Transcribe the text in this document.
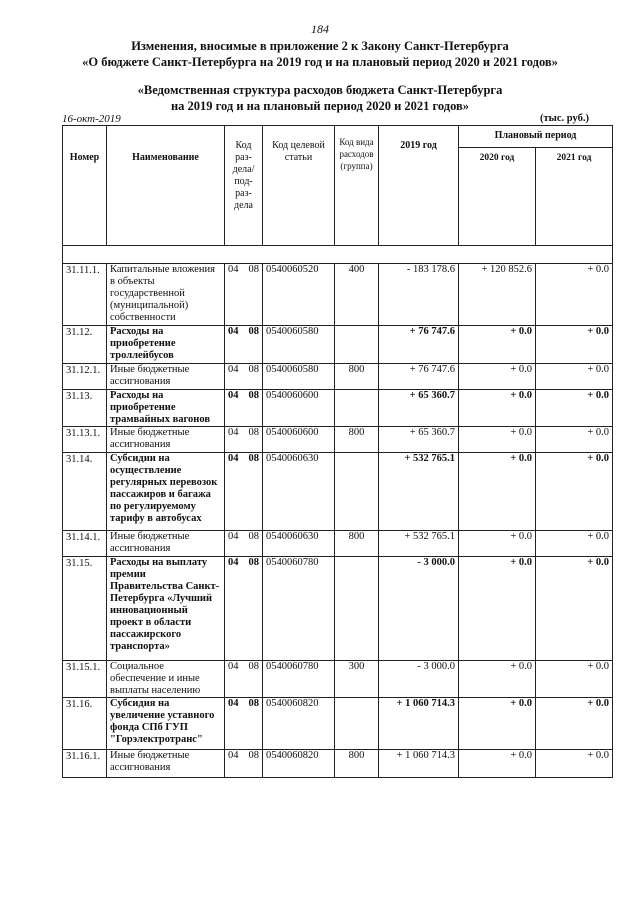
184
Изменения, вносимые в приложение 2 к Закону Санкт-Петербурга
«О бюджете Санкт-Петербурга на 2019 год и на плановый период 2020 и 2021 годов»
«Ведомственная структура расходов бюджета Санкт-Петербурга
на 2019 год и на плановый период 2020 и 2021 годов»
16-окт-2019	(тыс. руб.)
Номер	Наименование	Код раз-дела/ под-раз-дела		Код целевой статьи	Код вида расходов (группа)	2019 год	Плановый период	
							2020 год	2021 год

31.11.1.	Капитальные вложения в объекты государственной (муниципальной) собственности	04	08	0540060520	400	- 183 178.6	+ 120 852.6	+ 0.0
31.12.	Расходы на приобретение троллейбусов	04	08	0540060580		+ 76 747.6	+ 0.0	+ 0.0
31.12.1.	Иные бюджетные ассигнования	04	08	0540060580	800	+ 76 747.6	+ 0.0	+ 0.0
31.13.	Расходы на приобретение трамвайных вагонов	04	08	0540060600		+ 65 360.7	+ 0.0	+ 0.0
31.13.1.	Иные бюджетные ассигнования	04	08	0540060600	800	+ 65 360.7	+ 0.0	+ 0.0
31.14.	Субсидии на осуществление регулярных перевозок пассажиров и багажа по регулируемому тарифу в автобусах	04	08	0540060630		+ 532 765.1	+ 0.0	+ 0.0
31.14.1.	Иные бюджетные ассигнования	04	08	0540060630	800	+ 532 765.1	+ 0.0	+ 0.0
31.15.	Расходы на выплату премии Правительства Санкт-Петербурга «Лучший инновационный проект в области пассажирского транспорта»	04	08	0540060780		- 3 000.0	+ 0.0	+ 0.0
31.15.1.	Социальное обеспечение и иные выплаты населению	04	08	0540060780	300	- 3 000.0	+ 0.0	+ 0.0
31.16.	Субсидия на увеличение уставного фонда СПб ГУП "Горэлектротранс"	04	08	0540060820		+ 1 060 714.3	+ 0.0	+ 0.0
31.16.1.	Иные бюджетные ассигнования	04	08	0540060820	800	+ 1 060 714.3	+ 0.0	+ 0.0
